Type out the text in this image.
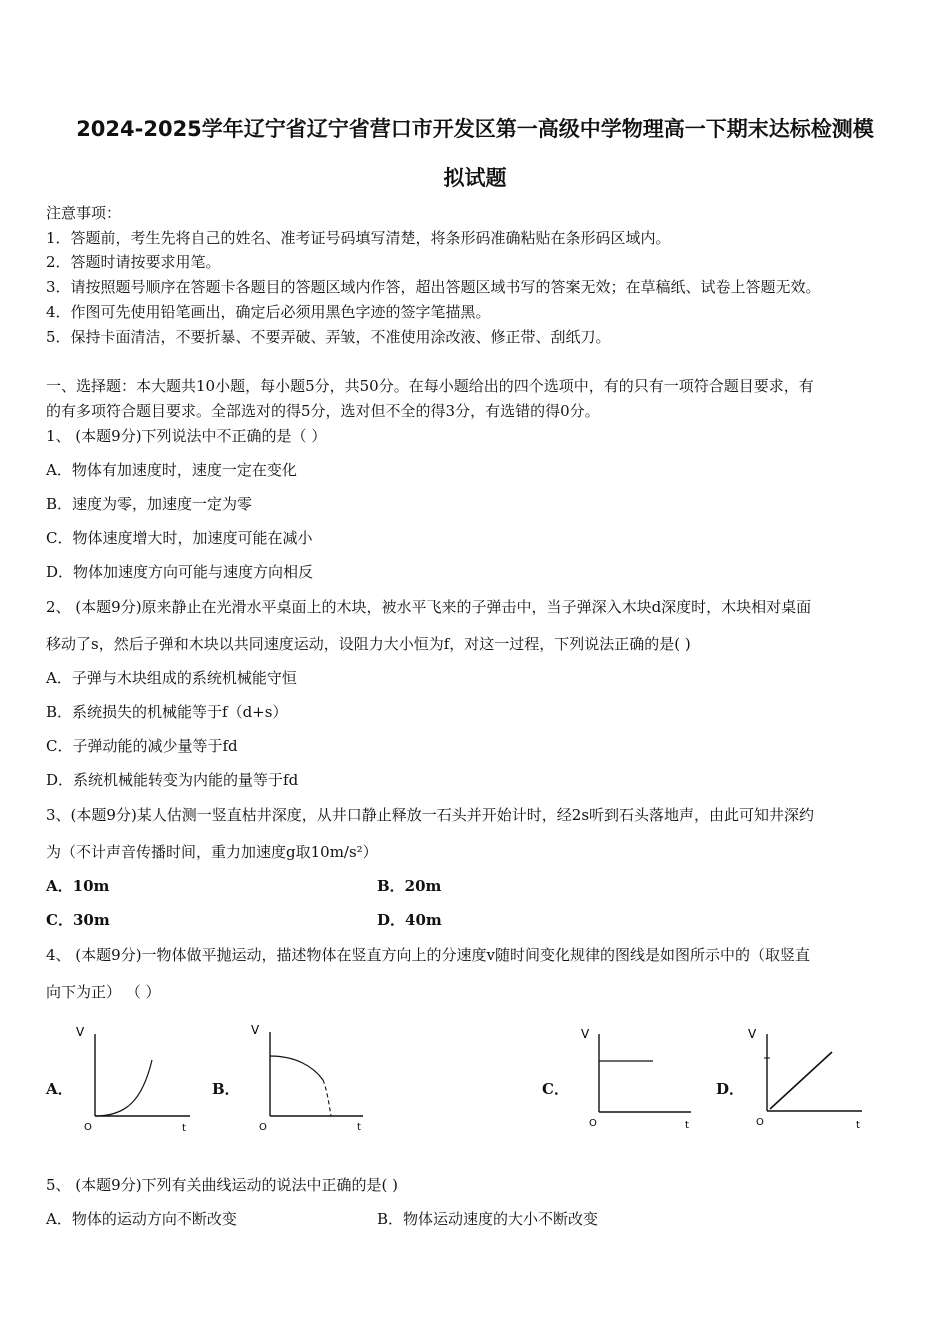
2024-2025学年辽宁省辽宁省营口市开发区第一高级中学物理高一下期末达标检测模
拟试题
注意事项：
1．答题前，考生先将自己的姓名、准考证号码填写清楚，将条形码准确粘贴在条形码区域内。
2．答题时请按要求用笔。
3．请按照题号顺序在答题卡各题目的答题区域内作答，超出答题区域书写的答案无效；在草稿纸、试卷上答题无效。
4．作图可先使用铅笔画出，确定后必须用黑色字迹的签字笔描黑。
5．保持卡面清洁，不要折暴、不要弄破、弄皱，不准使用涂改液、修正带、刮纸刀。
一、选择题：本大题共10小题，每小题5分，共50分。在每小题给出的四个选项中，有的只有一项符合题目要求，有
的有多项符合题目要求。全部选对的得5分，选对但不全的得3分，有选错的得0分。
1、 (本题9分)下列说法中不正确的是（ ）
A．物体有加速度时，速度一定在变化
B．速度为零，加速度一定为零
C．物体速度增大时，加速度可能在减小
D．物体加速度方向可能与速度方向相反
2、 (本题9分)原来静止在光滑水平桌面上的木块，被水平飞来的子弹击中，当子弹深入木块d深度时，木块相对桌面
移动了s，然后子弹和木块以共同速度运动，设阻力大小恒为f，对这一过程，下列说法正确的是( )
A．子弹与木块组成的系统机械能守恒
B．系统损失的机械能等于f（d+s）
C．子弹动能的减少量等于fd
D．系统机械能转变为内能的量等于fd
3、(本题9分)某人估测一竖直枯井深度，从井口静止释放一石头并开始计时，经2s听到石头落地声，由此可知井深约
为（不计声音传播时间，重力加速度g取10m/s²）
A．10m	B．20m
C．30m	D．40m
4、 (本题9分)一物体做平抛运动，描述物体在竖直方向上的分速度v随时间变化规律的图线是如图所示中的（取竖直
向下为正） （ ）
A．	B．	C．	D．
V
O	t
V
O	t
V
O	t
V
O	t
5、 (本题9分)下列有关曲线运动的说法中正确的是( )
A．物体的运动方向不断改变	B．物体运动速度的大小不断改变
